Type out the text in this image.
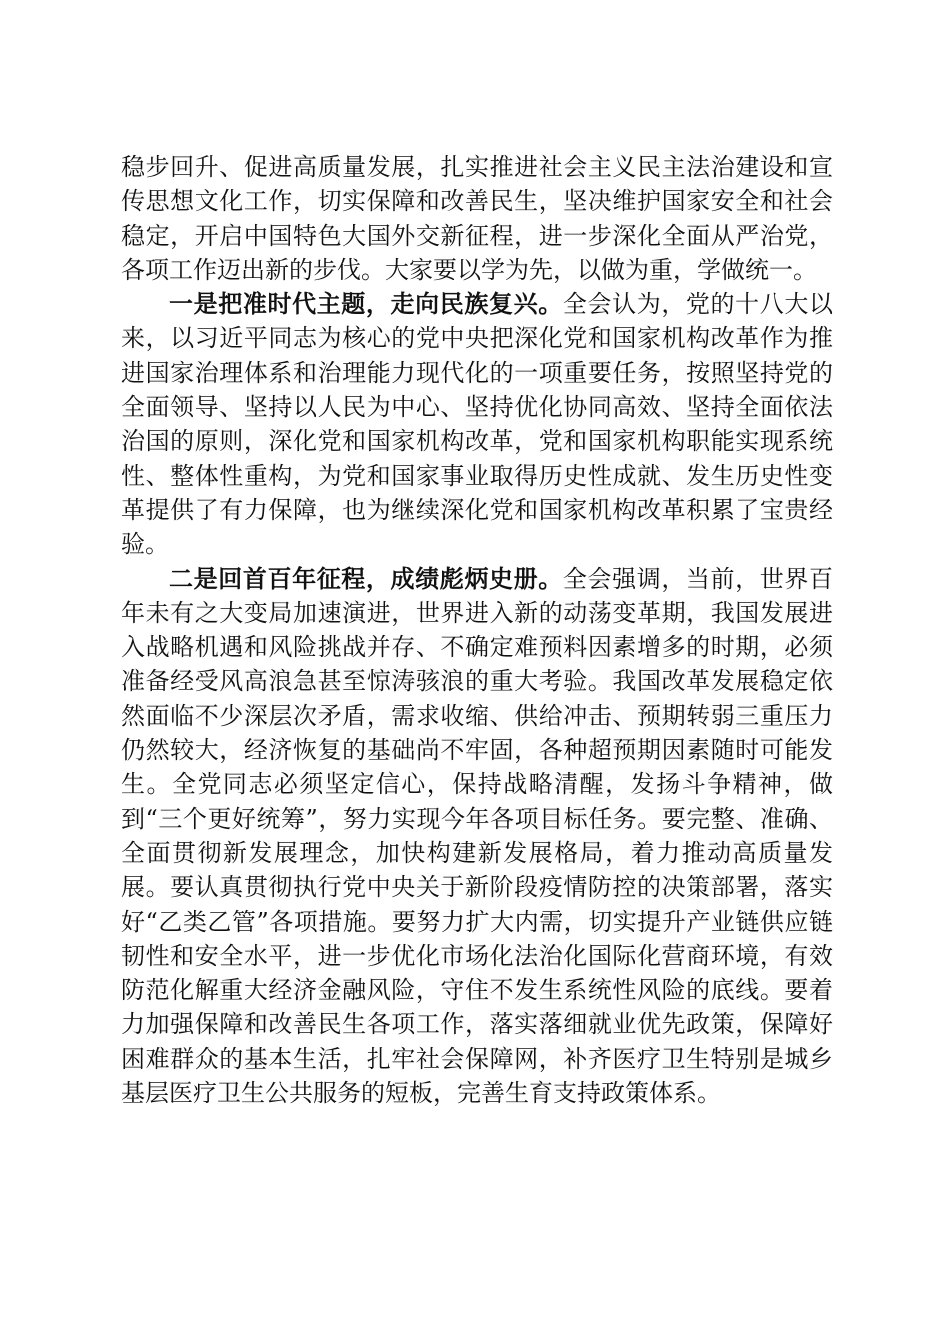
稳步回升、促进高质量发展，扎实推进社会主义民主法治建设和宣传思想文化工作，切实保障和改善民生，坚决维护国家安全和社会稳定，开启中国特色大国外交新征程，进一步深化全面从严治党，各项工作迈出新的步伐。大家要以学为先，以做为重，学做统一。

一是把准时代主题，走向民族复兴。全会认为，党的十八大以来，以习近平同志为核心的党中央把深化党和国家机构改革作为推进国家治理体系和治理能力现代化的一项重要任务，按照坚持党的全面领导、坚持以人民为中心、坚持优化协同高效、坚持全面依法治国的原则，深化党和国家机构改革，党和国家机构职能实现系统性、整体性重构，为党和国家事业取得历史性成就、发生历史性变革提供了有力保障，也为继续深化党和国家机构改革积累了宝贵经验。

二是回首百年征程，成绩彪炳史册。全会强调，当前，世界百年未有之大变局加速演进，世界进入新的动荡变革期，我国发展进入战略机遇和风险挑战并存、不确定难预料因素增多的时期，必须准备经受风高浪急甚至惊涛骇浪的重大考验。我国改革发展稳定依然面临不少深层次矛盾，需求收缩、供给冲击、预期转弱三重压力仍然较大，经济恢复的基础尚不牢固，各种超预期因素随时可能发生。全党同志必须坚定信心，保持战略清醒，发扬斗争精神，做到“三个更好统筹”，努力实现今年各项目标任务。要完整、准确、全面贯彻新发展理念，加快构建新发展格局，着力推动高质量发展。要认真贯彻执行党中央关于新阶段疫情防控的决策部署，落实好“乙类乙管”各项措施。要努力扩大内需，切实提升产业链供应链韧性和安全水平，进一步优化市场化法治化国际化营商环境，有效防范化解重大经济金融风险，守住不发生系统性风险的底线。要着力加强保障和改善民生各项工作，落实落细就业优先政策，保障好困难群众的基本生活，扎牢社会保障网，补齐医疗卫生特别是城乡基层医疗卫生公共服务的短板，完善生育支持政策体系。
